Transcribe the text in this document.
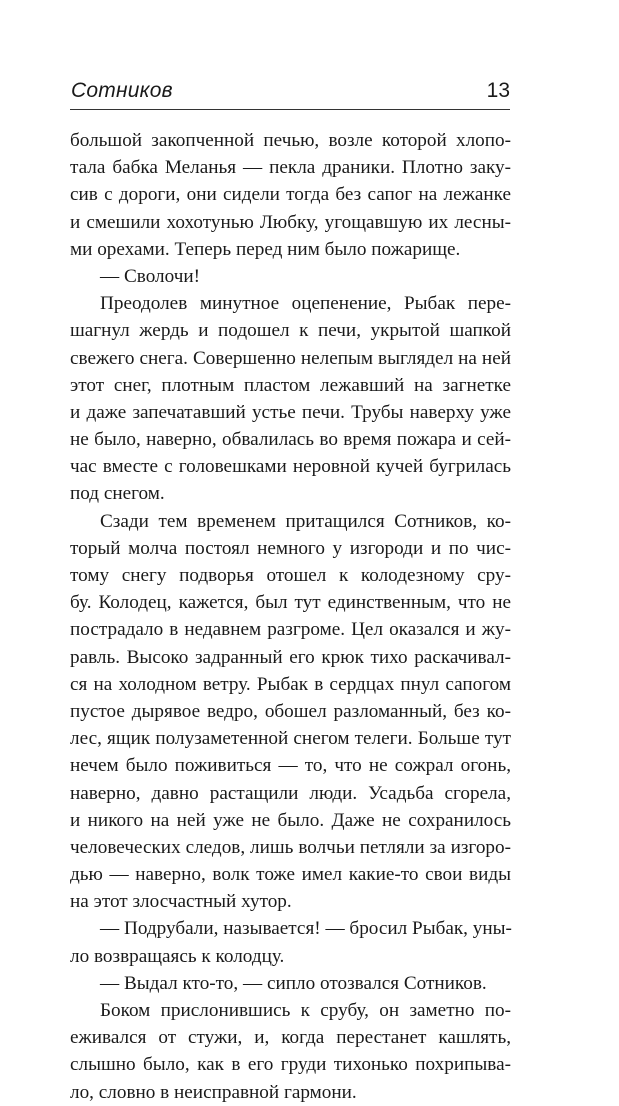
Сотников	13
большой закопченной печью, возле которой хлопо-
тала бабка Меланья — пекла драники. Плотно заку-
сив с дороги, они сидели тогда без сапог на лежанке
и смешили хохотунью Любку, угощавшую их лесны-
ми орехами. Теперь перед ним было пожарище.
— Сволочи!
Преодолев минутное оцепенение, Рыбак пере-
шагнул жердь и подошел к печи, укрытой шапкой
свежего снега. Совершенно нелепым выглядел на ней
этот снег, плотным пластом лежавший на загнетке
и даже запечатавший устье печи. Трубы наверху уже
не было, наверно, обвалилась во время пожара и сей-
час вместе с головешками неровной кучей бугрилась
под снегом.
Сзади тем временем притащился Сотников, ко-
торый молча постоял немного у изгороди и по чис-
тому снегу подворья отошел к колодезному сру-
бу. Колодец, кажется, был тут единственным, что не
пострадало в недавнем разгроме. Цел оказался и жу-
равль. Высоко задранный его крюк тихо раскачивал-
ся на холодном ветру. Рыбак в сердцах пнул сапогом
пустое дырявое ведро, обошел разломанный, без ко-
лес, ящик полузаметенной снегом телеги. Больше тут
нечем было поживиться — то, что не сожрал огонь,
наверно, давно растащили люди. Усадьба сгорела,
и никого на ней уже не было. Даже не сохранилось
человеческих следов, лишь волчьи петляли за изгоро-
дью — наверно, волк тоже имел какие-то свои виды
на этот злосчастный хутор.
— Подрубали, называется! — бросил Рыбак, уны-
ло возвращаясь к колодцу.
— Выдал кто-то, — сипло отозвался Сотников.
Боком прислонившись к срубу, он заметно по-
еживался от стужи, и, когда перестанет кашлять,
слышно было, как в его груди тихонько похрипыва-
ло, словно в неисправной гармони.
